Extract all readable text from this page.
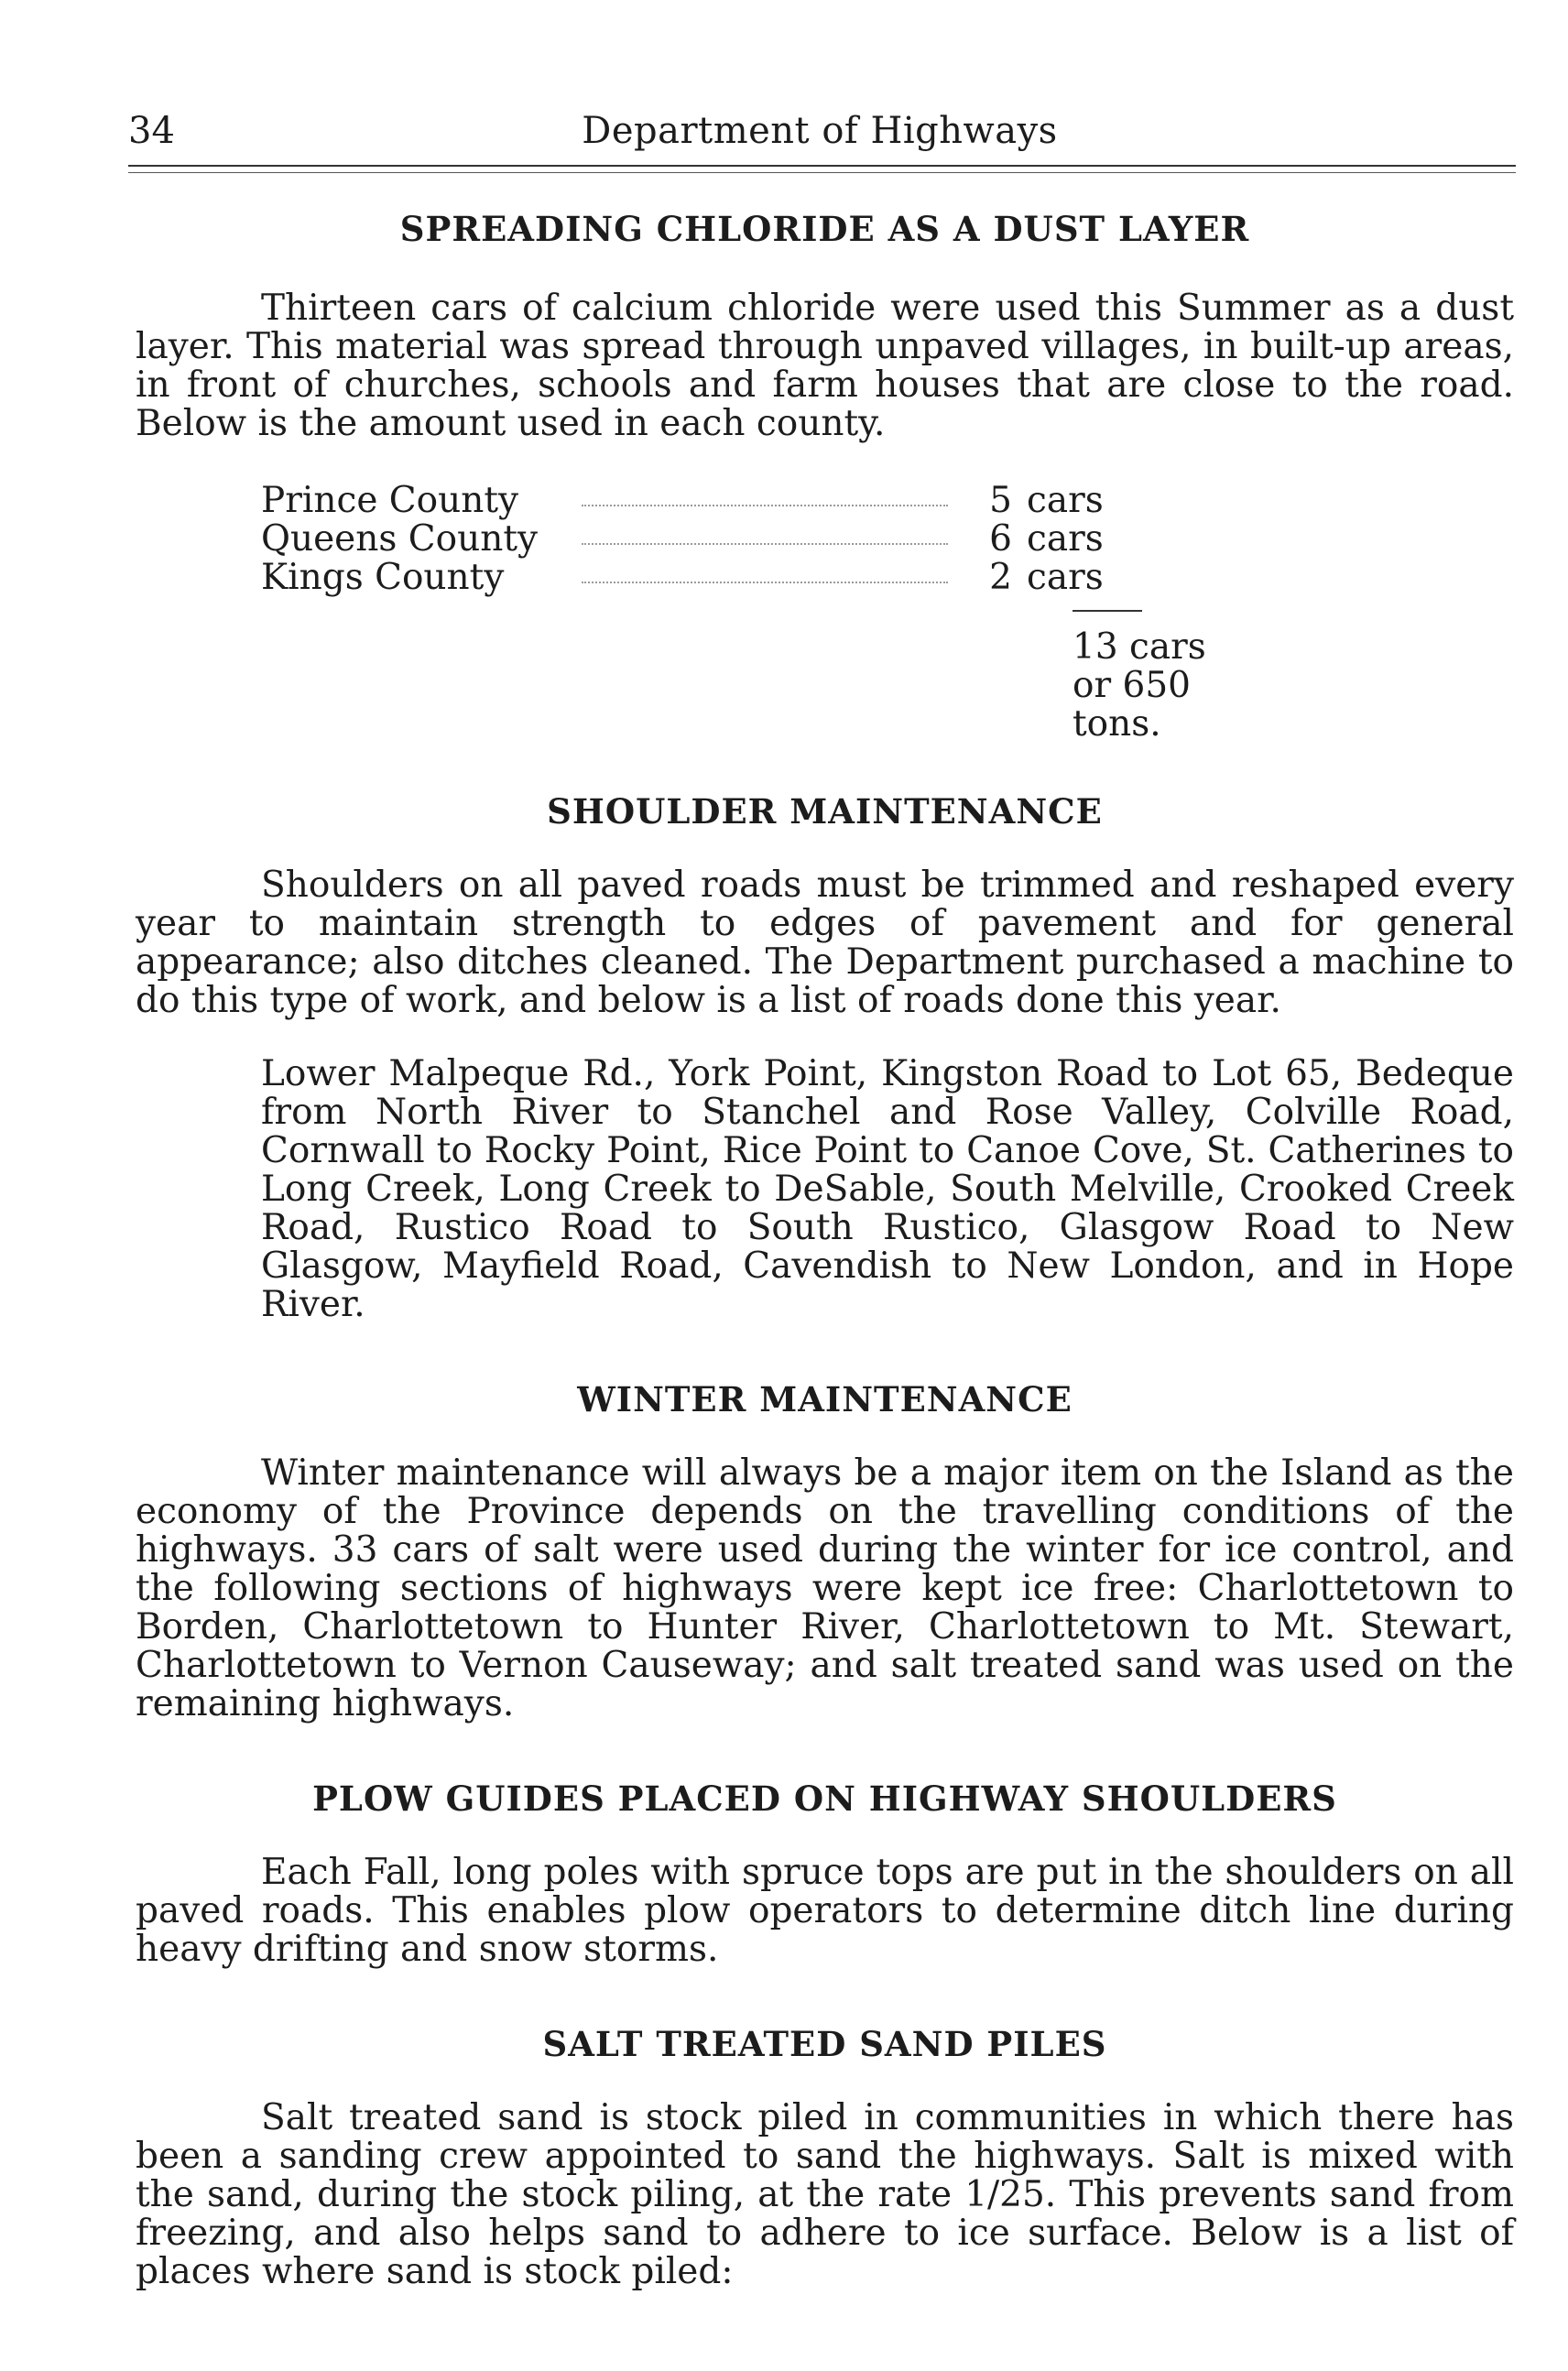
34	Department of Highways
SPREADING CHLORIDE AS A DUST LAYER

Thirteen cars of calcium chloride were used this Summer as a dust layer. This material was spread through unpaved villages, in built-up areas, in front of churches, schools and farm houses that are close to the road. Below is the amount used in each county.

Prince County	5 cars
Queens County	6 cars
Kings County	2 cars
13 cars or 650 tons.
SHOULDER MAINTENANCE

Shoulders on all paved roads must be trimmed and reshaped every year to maintain strength to edges of pavement and for general appearance; also ditches cleaned. The Department purchased a machine to do this type of work, and below is a list of roads done this year.

Lower Malpeque Rd., York Point, Kingston Road to Lot 65, Bedeque from North River to Stanchel and Rose Valley, Colville Road, Cornwall to Rocky Point, Rice Point to Canoe Cove, St. Catherines to Long Creek, Long Creek to DeSable, South Melville, Crooked Creek Road, Rustico Road to South Rustico, Glasgow Road to New Glasgow, Mayfield Road, Cavendish to New London, and in Hope River.
WINTER MAINTENANCE

Winter maintenance will always be a major item on the Island as the economy of the Province depends on the travelling conditions of the highways. 33 cars of salt were used during the winter for ice control, and the following sections of highways were kept ice free: Charlottetown to Borden, Charlottetown to Hunter River, Charlottetown to Mt. Stewart, Charlottetown to Vernon Causeway; and salt treated sand was used on the remaining highways.

PLOW GUIDES PLACED ON HIGHWAY SHOULDERS

Each Fall, long poles with spruce tops are put in the shoulders on all paved roads. This enables plow operators to determine ditch line during heavy drifting and snow storms.

SALT TREATED SAND PILES

Salt treated sand is stock piled in communities in which there has been a sanding crew appointed to sand the highways. Salt is mixed with the sand, during the stock piling, at the rate 1/25. This prevents sand from freezing, and also helps sand to adhere to ice surface. Below is a list of places where sand is stock piled:
